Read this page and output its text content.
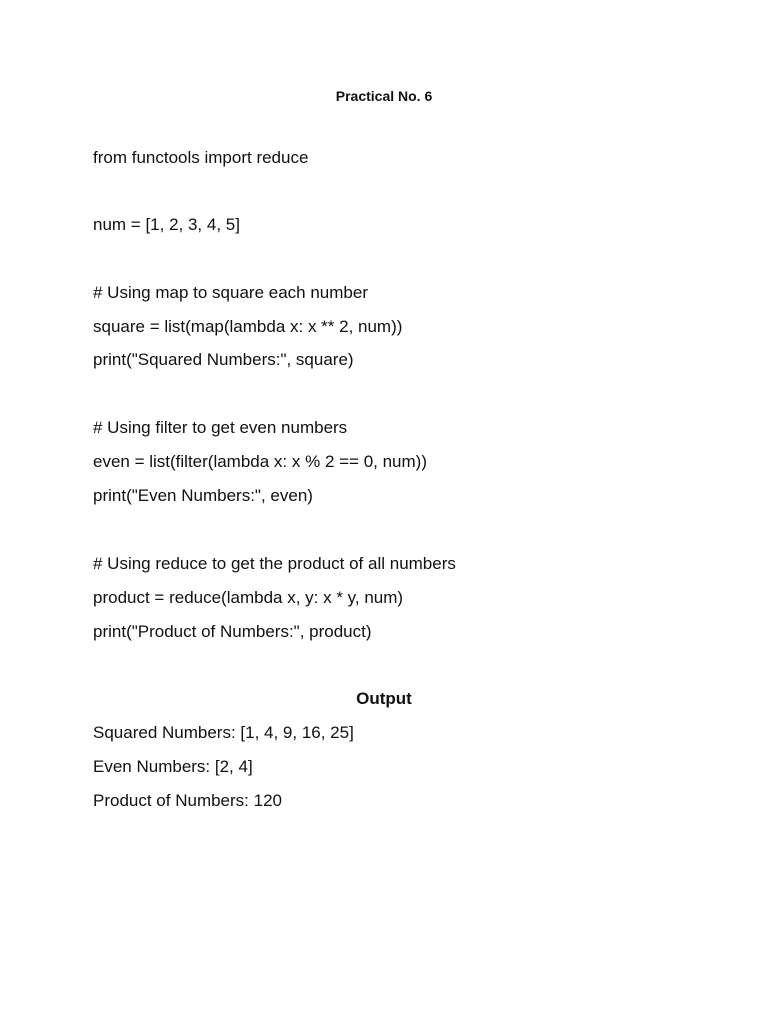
Practical No. 6
from functools import reduce
num = [1, 2, 3, 4, 5]
# Using map to square each number
square = list(map(lambda x: x ** 2, num))
print("Squared Numbers:", square)
# Using filter to get even numbers
even = list(filter(lambda x: x % 2 == 0, num))
print("Even Numbers:", even)
# Using reduce to get the product of all numbers
product = reduce(lambda x, y: x * y, num)
print("Product of Numbers:", product)
Output
Squared Numbers: [1, 4, 9, 16, 25]
Even Numbers: [2, 4]
Product of Numbers: 120
